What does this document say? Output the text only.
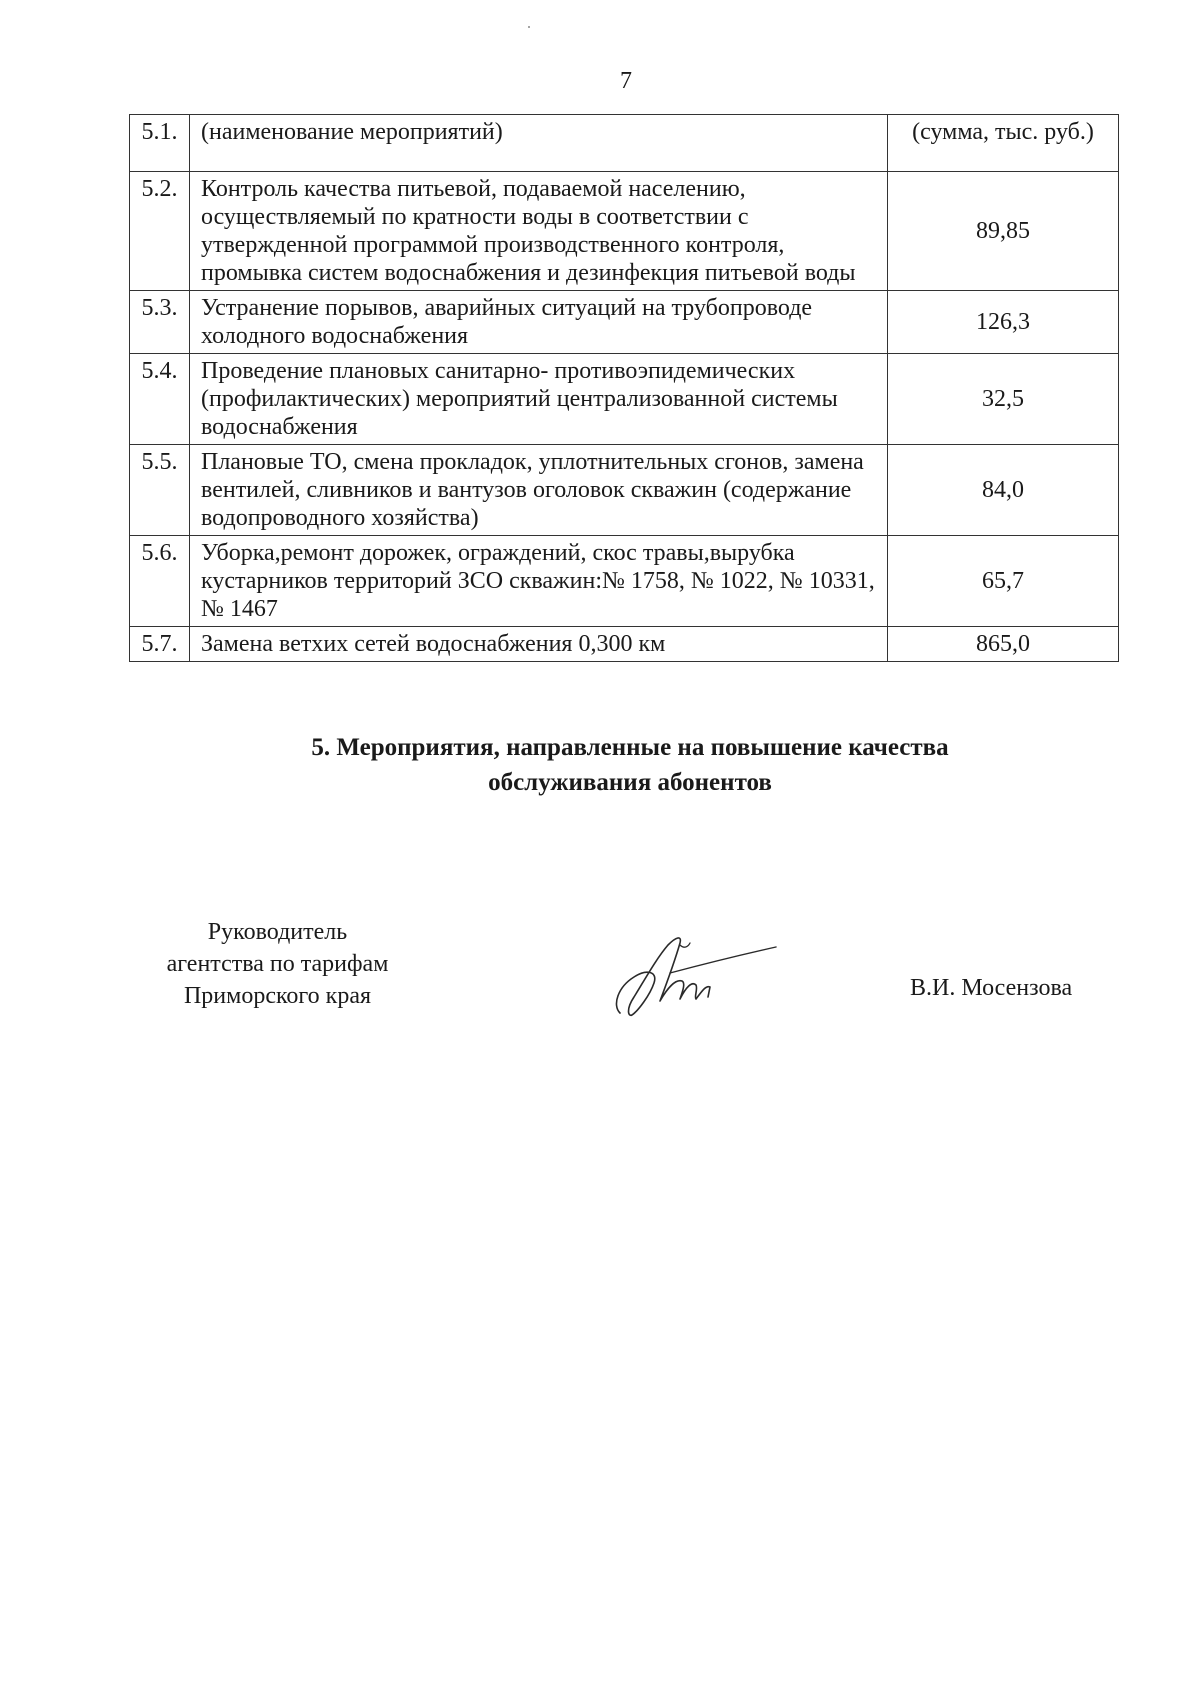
7
5.1.	(наименование мероприятий)	(сумма, тыс. руб.)
5.2.	Контроль качества питьевой, подаваемой населению, осуществляемый по кратности воды в соответствии с утвержденной программой производственного контроля, промывка систем водоснабжения и дезинфекция питьевой воды	89,85
5.3.	Устранение порывов, аварийных ситуаций на трубопроводе холодного водоснабжения	126,3
5.4.	Проведение плановых санитарно- противоэпидемических (профилактических) мероприятий централизованной системы водоснабжения	32,5
5.5.	Плановые ТО, смена прокладок, уплотнительных сгонов, замена вентилей, сливников и вантузов оголовок скважин (содержание водопроводного хозяйства)	84,0
5.6.	Уборка,ремонт дорожек, ограждений, скос травы,вырубка кустарников территорий ЗСО скважин:№ 1758, № 1022, № 10331, № 1467	65,7
5.7.	Замена ветхих сетей водоснабжения 0,300 км	865,0
5. Мероприятия, направленные на повышение качества
обслуживания абонентов
Руководитель
агентства по тарифам
Приморского края	В.И. Мосензова
